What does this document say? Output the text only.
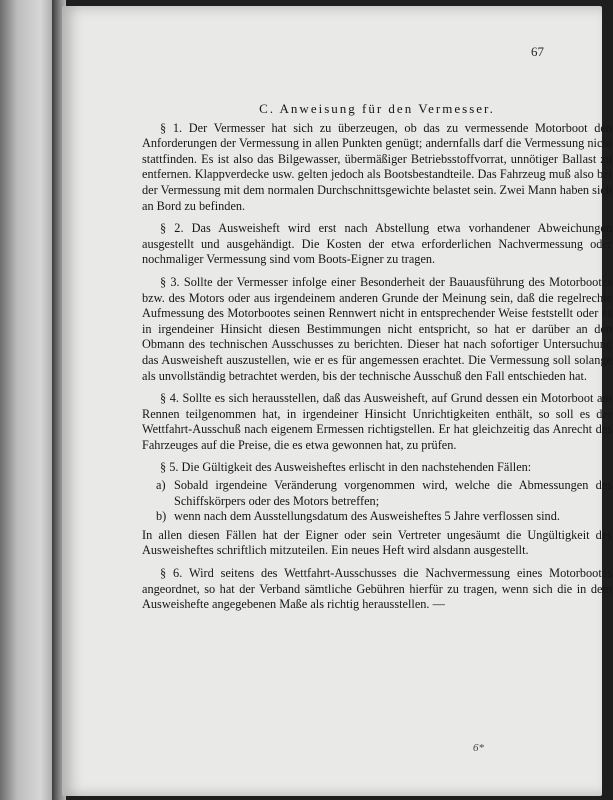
67

C. Anweisung für den Vermesser.

§ 1. Der Vermesser hat sich zu überzeugen, ob das zu vermessende Motorboot den Anforderungen der Vermessung in allen Punkten genügt; andernfalls darf die Vermessung nicht stattfinden. Es ist also das Bilgewasser, übermäßiger Betriebsstoffvorrat, unnötiger Ballast zu entfernen. Klappverdecke usw. gelten jedoch als Bootsbestandteile. Das Fahrzeug muß also bei der Vermessung mit dem normalen Durchschnittsgewichte belastet sein. Zwei Mann haben sich an Bord zu befinden.

§ 2. Das Ausweisheft wird erst nach Abstellung etwa vorhandener Abweichungen ausgestellt und ausgehändigt. Die Kosten der etwa erforderlichen Nachvermessung oder nochmaliger Vermessung sind vom Boots-Eigner zu tragen.

§ 3. Sollte der Vermesser infolge einer Besonderheit der Bauausführung des Motorbootes bzw. des Motors oder aus irgendeinem anderen Grunde der Meinung sein, daß die regelrechte Aufmessung des Motorbootes seinen Rennwert nicht in entsprechender Weise feststellt oder es in irgendeiner Hinsicht diesen Bestimmungen nicht entspricht, so hat er darüber an den Obmann des technischen Ausschusses zu berichten. Dieser hat nach sofortiger Untersuchung das Ausweisheft auszustellen, wie er es für angemessen erachtet. Die Vermessung soll solange als unvollständig betrachtet werden, bis der technische Ausschuß den Fall entschieden hat.

§ 4. Sollte es sich herausstellen, daß das Ausweisheft, auf Grund dessen ein Motorboot am Rennen teilgenommen hat, in irgendeiner Hinsicht Unrichtigkeiten enthält, so soll es der Wettfahrt-Ausschuß nach eigenem Ermessen richtigstellen. Er hat gleichzeitig das Anrecht des Fahrzeuges auf die Preise, die es etwa gewonnen hat, zu prüfen.

§ 5. Die Gültigkeit des Ausweisheftes erlischt in den nachstehenden Fällen:

a) Sobald irgendeine Veränderung vorgenommen wird, welche die Abmessungen des Schiffskörpers oder des Motors betreffen;
b) wenn nach dem Ausstellungsdatum des Ausweisheftes 5 Jahre verflossen sind.

In allen diesen Fällen hat der Eigner oder sein Vertreter ungesäumt die Ungültigkeit des Ausweisheftes schriftlich mitzuteilen. Ein neues Heft wird alsdann ausgestellt.

§ 6. Wird seitens des Wettfahrt-Ausschusses die Nachvermessung eines Motorbootes angeordnet, so hat der Verband sämtliche Gebühren hierfür zu tragen, wenn sich die in dem Ausweishefte angegebenen Maße als richtig herausstellen. —

6*
